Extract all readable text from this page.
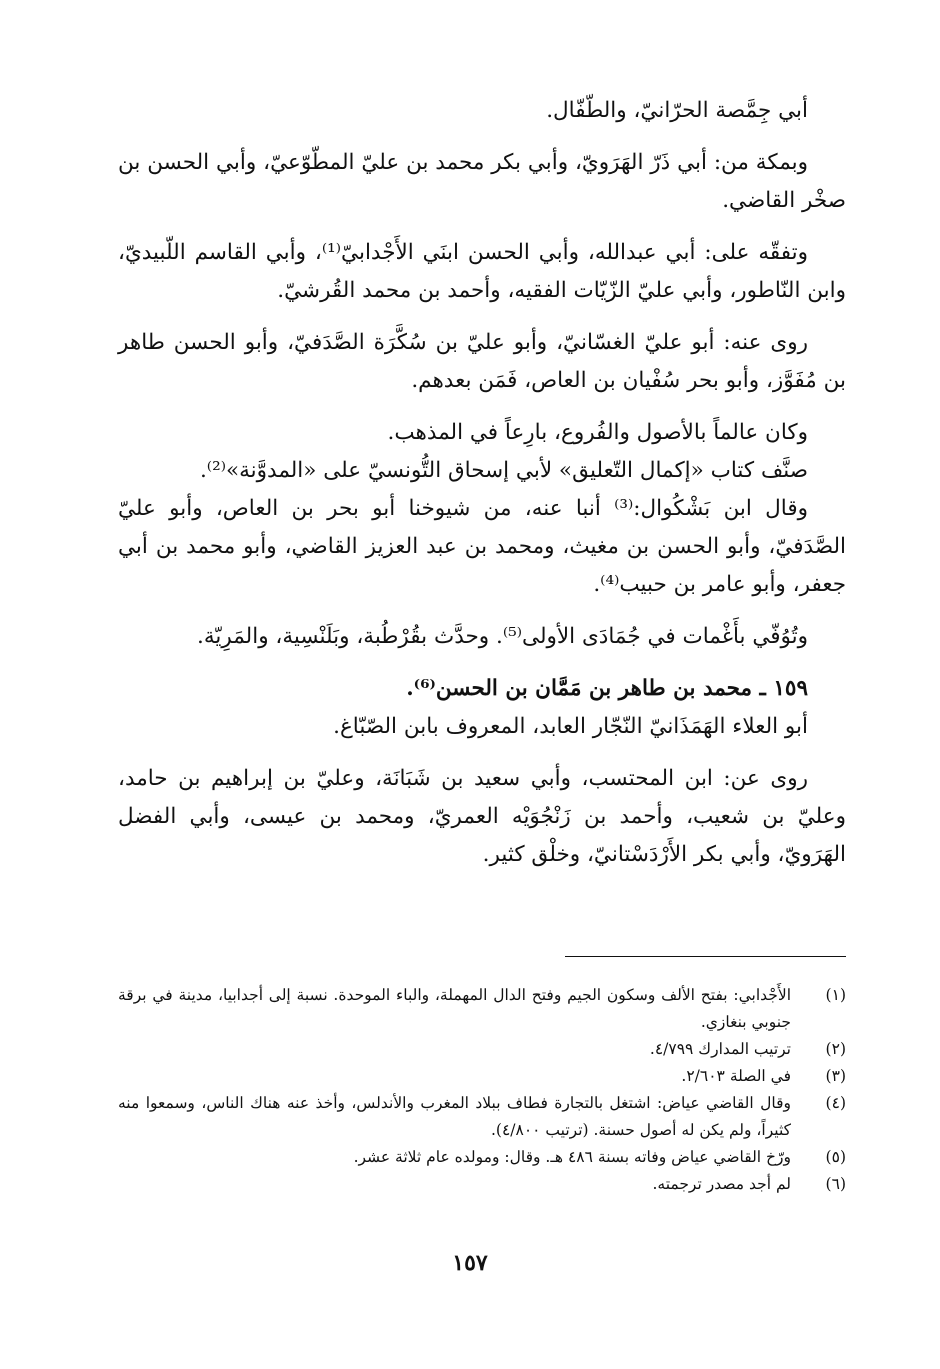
أبي جِمَّصة الحرّانيّ، والطّفّال.

وبمكة من: أبي ذَرّ الهَرَويّ، وأبي بكر محمد بن عليّ المطّوّعيّ، وأبي الحسن بن صخْر القاضي.

وتفقّه على: أبي عبدالله، وأبي الحسن ابنَي الأَجْدابيّ⁽¹⁾، وأبي القاسم اللّبيديّ، وابن النّاطور، وأبي عليّ الزّيّات الفقيه، وأحمد بن محمد القُرشيّ.

روى عنه: أبو عليّ الغسّانيّ، وأبو عليّ بن سُكَّرَة الصَّدَفيّ، وأبو الحسن طاهر بن مُفَوَّز، وأبو بحر سُفْيان بن العاص، فَمَن بعدهم.

وكان عالماً بالأصول والفُروع، بارِعاً في المذهب.

صنَّف كتاب «إكمال التّعليق» لأبي إسحاق التُّونسيّ على «المدوَّنة»⁽²⁾.

وقال ابن بَشْكُوال:⁽³⁾ أنبا عنه، من شيوخنا أبو بحر بن العاص، وأبو عليّ الصَّدَفيّ، وأبو الحسن بن مغيث، ومحمد بن عبد العزيز القاضي، وأبو محمد بن أبي جعفر، وأبو عامر بن حبيب⁽⁴⁾.

وتُوُفّي بأَغْمات في جُمَادَى الأولى⁽⁵⁾. وحدَّث بقُرْطُبة، وبَلَنْسِية، والمَرِيّة.

١٥٩ ـ محمد بن طاهر بن مَمَّان بن الحسن⁽⁶⁾.

أبو العلاء الهَمَذَانيّ النّجّار العابد، المعروف بابن الصّبّاغ.

روى عن: ابن المحتسب، وأبي سعيد بن شَبَانَة، وعليّ بن إبراهيم بن حامد، وعليّ بن شعيب، وأحمد بن زَنْجُوَيْه العمريّ، ومحمد بن عيسى، وأبي الفضل الهَرَويّ، وأبي بكر الأَرْدَسْتانيّ، وخلْق كثير.

(١)
الأَجْدابي: بفتح الألف وسكون الجيم وفتح الدال المهملة، والباء الموحدة. نسبة إلى أجدابيا، مدينة في برقة جنوبي بنغازي.
(٢)
ترتيب المدارك ٤/٧٩٩.
(٣)
في الصلة ٢/٦٠٣.
(٤)
وقال القاضي عياض: اشتغل بالتجارة فطاف ببلاد المغرب والأندلس، وأخذ عنه هناك الناس، وسمعوا منه كثيراً، ولم يكن له أصول حسنة. (ترتيب ٤/٨٠٠).
(٥)
ورّخ القاضي عياض وفاته بسنة ٤٨٦ هـ. وقال: ومولده عام ثلاثة عشر.
(٦)
لم أجد مصدر ترجمته.
١٥٧
